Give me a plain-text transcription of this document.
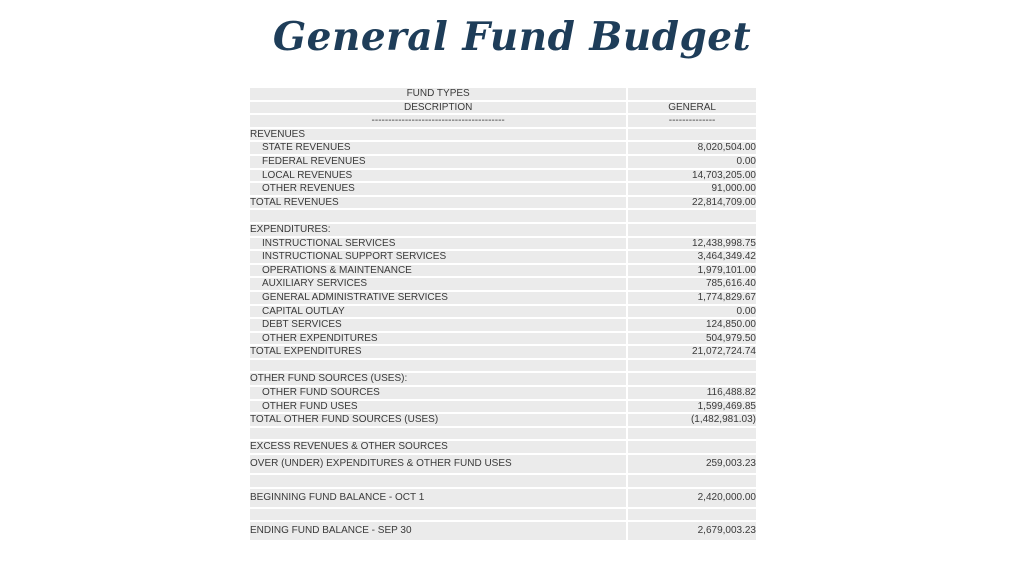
General Fund Budget
FUND TYPES		
DESCRIPTION		GENERAL
----------------------------------------		--------------
REVENUES		
STATE REVENUES		8,020,504.00
FEDERAL REVENUES		0.00
LOCAL REVENUES		14,703,205.00
OTHER REVENUES		91,000.00
TOTAL REVENUES		22,814,709.00

EXPENDITURES:		
INSTRUCTIONAL SERVICES		12,438,998.75
INSTRUCTIONAL SUPPORT SERVICES		3,464,349.42
OPERATIONS & MAINTENANCE		1,979,101.00
AUXILIARY SERVICES		785,616.40
GENERAL ADMINISTRATIVE SERVICES		1,774,829.67
CAPITAL OUTLAY		0.00
DEBT SERVICES		124,850.00
OTHER EXPENDITURES		504,979.50
TOTAL EXPENDITURES		21,072,724.74

OTHER FUND SOURCES (USES):		
OTHER FUND SOURCES		116,488.82
OTHER FUND USES		1,599,469.85
TOTAL OTHER FUND SOURCES (USES)		(1,482,981.03)

EXCESS REVENUES & OTHER SOURCES		
OVER (UNDER) EXPENDITURES & OTHER FUND USES		259,003.23

BEGINNING FUND BALANCE - OCT 1		2,420,000.00

ENDING FUND BALANCE - SEP 30		2,679,003.23
